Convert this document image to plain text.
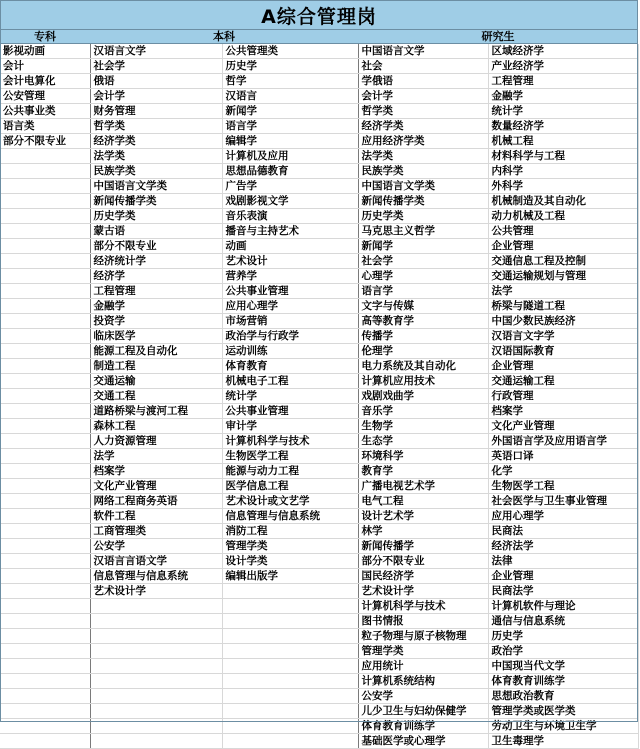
A综合管理岗
专科	本科	研究生
影视动画	汉语言文学	公共管理类	中国语言文学	区域经济学
会计	社会学	历史学	社会	产业经济学
会计电算化	俄语	哲学	学俄语	工程管理
公安管理	会计学	汉语言	会计学	金融学
公共事业类	财务管理	新闻学	哲学类	统计学
语言类	哲学类	语言学	经济学类	数量经济学
部分不限专业	经济学类	编辑学	应用经济学类	机械工程
	法学类	计算机及应用	法学类	材料科学与工程
	民族学类	思想品德教育	民族学类	内科学
	中国语言文学类	广告学	中国语言文学类	外科学
	新闻传播学类	戏剧影视文学	新闻传播学类	机械制造及其自动化
	历史学类	音乐表演	历史学类	动力机械及工程
	蒙古语	播音与主持艺术	马克思主义哲学	公共管理
	部分不限专业	动画	新闻学	企业管理
	经济统计学	艺术设计	社会学	交通信息工程及控制
	经济学	营养学	心理学	交通运输规划与管理
	工程管理	公共事业管理	语言学	法学
	金融学	应用心理学	文字与传媒	桥梁与隧道工程
	投资学	市场营销	高等教育学	中国少数民族经济
	临床医学	政治学与行政学	传播学	汉语言文字学
	能源工程及自动化	运动训练	伦理学	汉语国际教育
	制造工程	体育教育	电力系统及其自动化	企业管理
	交通运输	机械电子工程	计算机应用技术	交通运输工程
	交通工程	统计学	戏剧戏曲学	行政管理
	道路桥梁与渡河工程	公共事业管理	音乐学	档案学
	森林工程	审计学	生物学	文化产业管理
	人力资源管理	计算机科学与技术	生态学	外国语言学及应用语言学
	法学	生物医学工程	环境科学	英语口译
	档案学	能源与动力工程	教育学	化学
	文化产业管理	医学信息工程	广播电视艺术学	生物医学工程
	网络工程商务英语	艺术设计或文艺学	电气工程	社会医学与卫生事业管理
	软件工程	信息管理与信息系统	设计艺术学	应用心理学
	工商管理类	消防工程	林学	民商法
	公安学	管理学类	新闻传播学	经济法学
	汉语言言语文学	设计学类	部分不限专业	法律
	信息管理与信息系统	编辑出版学	国民经济学	企业管理
	艺术设计学		艺术设计学	民商法学
			计算机科学与技术	计算机软件与理论
			图书情报	通信与信息系统
			粒子物理与原子核物理	历史学
			管理学类	政治学
			应用统计	中国现当代文学
			计算机系统结构	体育教育训练学
			公安学	思想政治教育
			儿少卫生与妇幼保健学	管理学类或医学类
			体育教育训练学	劳动卫生与环境卫生学
			基础医学或心理学	卫生毒理学
